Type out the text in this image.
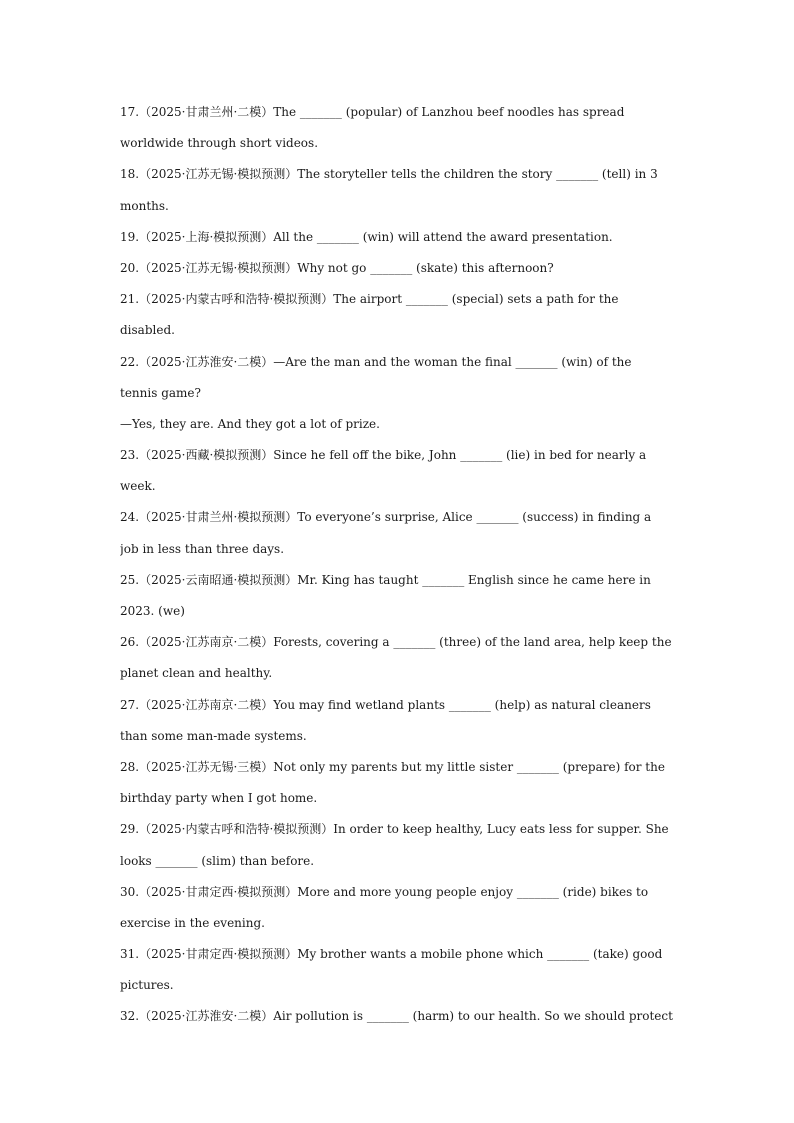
17.（2025·甘肃兰州·二模）The _______ (popular) of Lanzhou beef noodles has spread
worldwide through short videos.
18.（2025·江苏无锡·模拟预测）The storyteller tells the children the story _______ (tell) in 3
months.
19.（2025·上海·模拟预测）All the _______ (win) will attend the award presentation.
20.（2025·江苏无锡·模拟预测）Why not go _______ (skate) this afternoon?
21.（2025·内蒙古呼和浩特·模拟预测）The airport _______ (special) sets a path for the
disabled.
22.（2025·江苏淮安·二模）—Are the man and the woman the final _______ (win) of the
tennis game?
—Yes, they are. And they got a lot of prize.
23.（2025·西藏·模拟预测）Since he fell off the bike, John _______ (lie) in bed for nearly a
week.
24.（2025·甘肃兰州·模拟预测）To everyone’s surprise, Alice _______ (success) in finding a
job in less than three days.
25.（2025·云南昭通·模拟预测）Mr. King has taught _______ English since he came here in
2023. (we)
26.（2025·江苏南京·二模）Forests, covering a _______ (three) of the land area, help keep the
planet clean and healthy.
27.（2025·江苏南京·二模）You may find wetland plants _______ (help) as natural cleaners
than some man-made systems.
28.（2025·江苏无锡·三模）Not only my parents but my little sister _______ (prepare) for the
birthday party when I got home.
29.（2025·内蒙古呼和浩特·模拟预测）In order to keep healthy, Lucy eats less for supper. She
looks _______ (slim) than before.
30.（2025·甘肃定西·模拟预测）More and more young people enjoy _______ (ride) bikes to
exercise in the evening.
31.（2025·甘肃定西·模拟预测）My brother wants a mobile phone which _______ (take) good
pictures.
32.（2025·江苏淮安·二模）Air pollution is _______ (harm) to our health. So we should protect
